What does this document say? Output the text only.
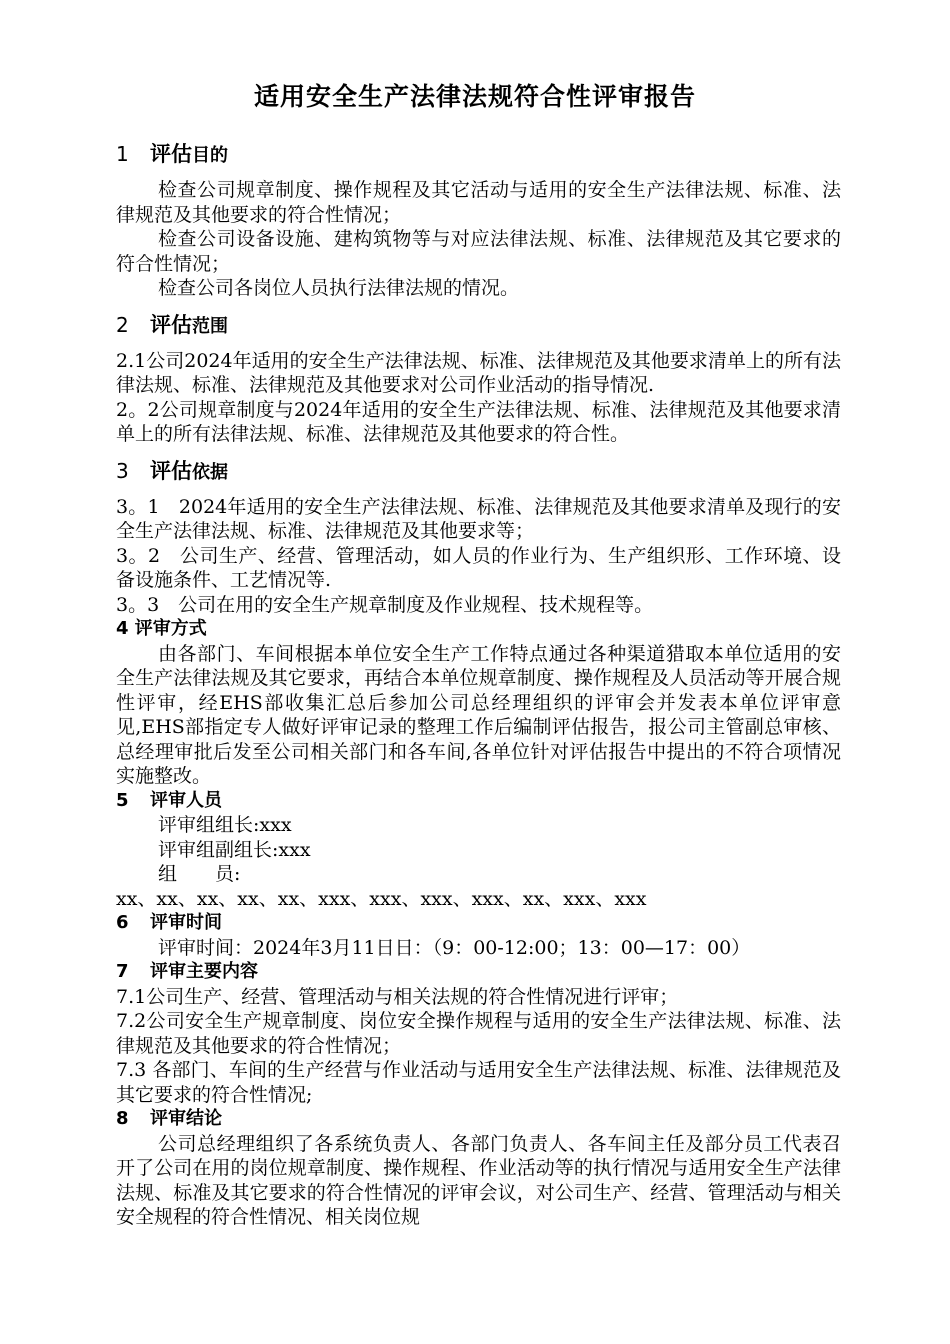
适用安全生产法律法规符合性评审报告
1 评估目的

检查公司规章制度、操作规程及其它活动与适用的安全生产法律法规、标准、法律规范及其他要求的符合性情况；

检查公司设备设施、建构筑物等与对应法律法规、标准、法律规范及其它要求的符合性情况；

检查公司各岗位人员执行法律法规的情况。

2 评估范围

2.1公司2024年适用的安全生产法律法规、标准、法律规范及其他要求清单上的所有法律法规、标准、法律规范及其他要求对公司作业活动的指导情况.

2。2公司规章制度与2024年适用的安全生产法律法规、标准、法律规范及其他要求清单上的所有法律法规、标准、法律规范及其他要求的符合性。

3 评估依据

3。1　2024年适用的安全生产法律法规、标准、法律规范及其他要求清单及现行的安全生产法律法规、标准、法律规范及其他要求等；

3。2　公司生产、经营、管理活动，如人员的作业行为、生产组织形、工作环境、设备设施条件、工艺情况等.

3。3　公司在用的安全生产规章制度及作业规程、技术规程等。

4 评审方式

由各部门、车间根据本单位安全生产工作特点通过各种渠道猎取本单位适用的安全生产法律法规及其它要求，再结合本单位规章制度、操作规程及人员活动等开展合规性评审，经EHS部收集汇总后参加公司总经理组织的评审会并发表本单位评审意见,EHS部指定专人做好评审记录的整理工作后编制评估报告，报公司主管副总审核、总经理审批后发至公司相关部门和各车间,各单位针对评估报告中提出的不符合项情况实施整改。

5 评审人员

评审组组长:xxx

评审组副组长:xxx

组　　员:

xx、xx、xx、xx、xx、xxx、xxx、xxx、xxx、xx、xxx、xxx

6 评审时间

评审时间：2024年3月11日日：（9：00-12:00；13：00—17：00）

7 评审主要内容

7.1公司生产、经营、管理活动与相关法规的符合性情况进行评审；

7.2公司安全生产规章制度、岗位安全操作规程与适用的安全生产法律法规、标准、法律规范及其他要求的符合性情况；

7.3 各部门、车间的生产经营与作业活动与适用安全生产法律法规、标准、法律规范及其它要求的符合性情况;

8 评审结论

公司总经理组织了各系统负责人、各部门负责人、各车间主任及部分员工代表召开了公司在用的岗位规章制度、操作规程、作业活动等的执行情况与适用安全生产法律法规、标准及其它要求的符合性情况的评审会议，对公司生产、经营、管理活动与相关安全规程的符合性情况、相关岗位规
